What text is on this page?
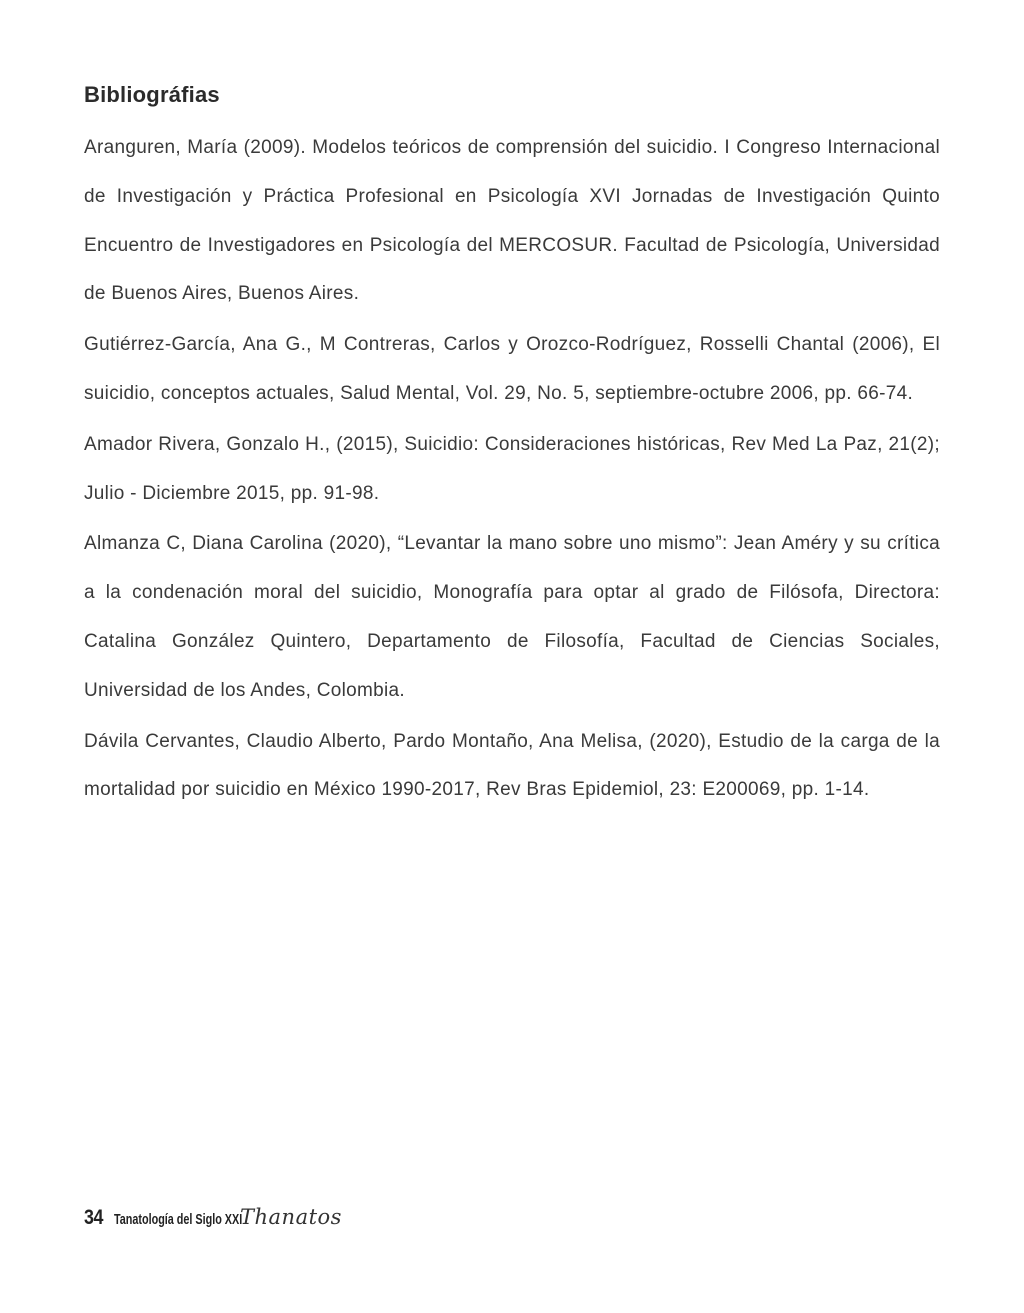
Bibliográfias
Aranguren, María (2009). Modelos teóricos de comprensión del suicidio. I Congreso Internacional de Investigación y Práctica Profesional en Psicología XVI Jornadas de Investigación Quinto Encuentro de Investigadores en Psicología del MERCOSUR. Facultad de Psicología, Universidad de Buenos Aires, Buenos Aires.
Gutiérrez-García, Ana G., M Contreras, Carlos y Orozco-Rodríguez, Rosselli Chantal (2006), El suicidio, conceptos actuales, Salud Mental, Vol. 29, No. 5, septiembre-octubre 2006, pp. 66-74.
Amador Rivera, Gonzalo H., (2015), Suicidio: Consideraciones históricas, Rev Med La Paz, 21(2); Julio - Diciembre 2015, pp. 91-98.
Almanza C, Diana Carolina (2020), “Levantar la mano sobre uno mismo”: Jean Améry y su crítica a la condenación moral del suicidio, Monografía para optar al grado de Filósofa, Directora: Catalina González Quintero, Departamento de Filosofía, Facultad de Ciencias Sociales, Universidad de los Andes, Colombia.
Dávila Cervantes, Claudio Alberto, Pardo Montaño, Ana Melisa, (2020), Estudio de la carga de la mortalidad por suicidio en México 1990-2017, Rev Bras Epidemiol, 23: E200069, pp. 1-14.
34 Tanatología del Siglo XXI
Thanatos
